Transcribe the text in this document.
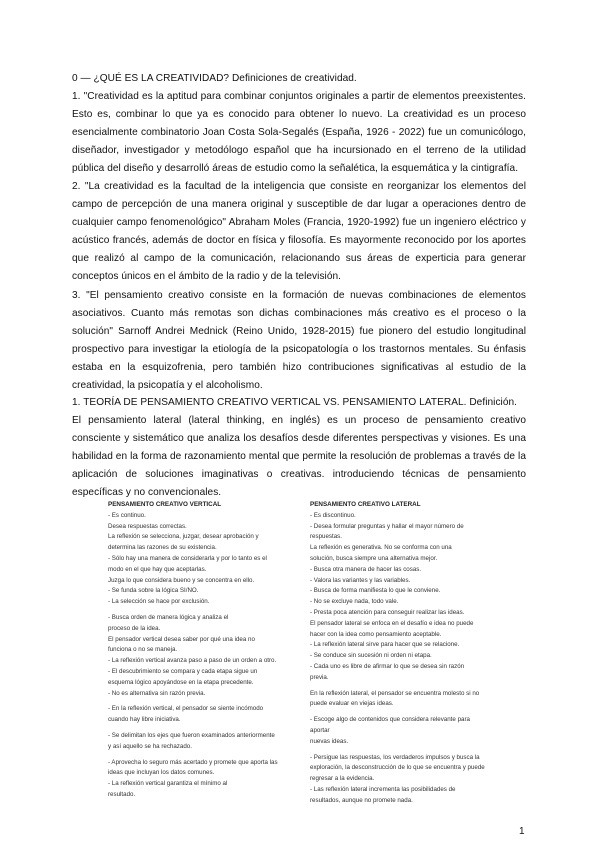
0 — ¿QUÉ ES LA CREATIVIDAD? Definiciones de creatividad.

1. "Creatividad es la aptitud para combinar conjuntos originales a partir de elementos preexistentes. Esto es, combinar lo que ya es conocido para obtener lo nuevo. La creatividad es un proceso esencialmente combinatorio Joan Costa Sola-Segalés (España, 1926 - 2022) fue un comunicólogo, diseñador, investigador y metodólogo español que ha incursionado en el terreno de la utilidad pública del diseño y desarrolló áreas de estudio como la señalética, la esquemática y la cintigrafía.

2. "La creatividad es la facultad de la inteligencia que consiste en reorganizar los elementos del campo de percepción de una manera original y susceptible de dar lugar a operaciones dentro de cualquier campo fenomenológico" Abraham Moles (Francia, 1920-1992) fue un ingeniero eléctrico y acústico francés, además de doctor en física y filosofía. Es mayormente reconocido por los aportes que realizó al campo de la comunicación, relacionando sus áreas de experticia para generar conceptos únicos en el ámbito de la radio y de la televisión.

3. "El pensamiento creativo consiste en la formación de nuevas combinaciones de elementos asociativos. Cuanto más remotas son dichas combinaciones más creativo es el proceso o la solución" Sarnoff Andrei Mednick (Reino Unido, 1928-2015) fue pionero del estudio longitudinal prospectivo para investigar la etiología de la psicopatología o los trastornos mentales. Su énfasis estaba en la esquizofrenia, pero también hizo contribuciones significativas al estudio de la creatividad, la psicopatía y el alcoholismo.

1. TEORÍA DE PENSAMIENTO CREATIVO VERTICAL VS. PENSAMIENTO LATERAL. Definición.

El pensamiento lateral (lateral thinking, en inglés) es un proceso de pensamiento creativo consciente y sistemático que analiza los desafíos desde diferentes perspectivas y visiones. Es una habilidad en la forma de razonamiento mental que permite la resolución de problemas a través de la aplicación de soluciones imaginativas o creativas. introduciendo técnicas de pensamiento específicas y no convencionales.

PENSAMIENTO CREATIVO VERTICAL
- Es continuo.
Desea respuestas correctas.
La reflexión se selecciona, juzgar, desear aprobación y
determina las razones de su existencia.
- Sólo hay una manera de considerarla y por lo tanto es el
modo en el que hay que aceptarlas.
Juzga lo que considera bueno y se concentra en ello.
- Se funda sobre la lógica SI/NO.
- La selección se hace por exclusión.
- Busca orden de manera lógica y analiza el
proceso de la idea.
El pensador vertical desea saber por qué una idea no
funciona o no se maneja.
- La reflexión vertical avanza paso a paso de un orden a otro.
- El descubrimiento se compara y cada etapa sigue un
esquema lógico apoyándose en la etapa precedente.
- No es alternativa sin razón previa.
- En la reflexión vertical, el pensador se siente incómodo
cuando hay libre iniciativa.
- Se delimitan los ejes que fueron examinados anteriormente
y así aquello se ha rechazado.
- Aprovecha lo seguro más acertado y promete que aporta las
ideas que incluyan los datos comunes.
- La reflexión vertical garantiza el mínimo al
resultado.
PENSAMIENTO CREATIVO LATERAL
- Es discontinuo.
- Desea formular preguntas y hallar el mayor número de
respuestas.
La reflexión es generativa. No se conforma con una
solución, busca siempre una alternativa mejor.
- Busca otra manera de hacer las cosas.
- Valora las variantes y las variables.
- Busca de forma manifiesta lo que le conviene.
- No se excluye nada, todo vale.
- Presta poca atención para conseguir realizar las ideas.
El pensador lateral se enfoca en el desafío e idea no puede
hacer con la idea como pensamiento aceptable.
- La reflexión lateral sirve para hacer que se relacione.
- Se conduce sin sucesión ni orden ni etapa.
- Cada uno es libre de afirmar lo que se desea sin razón
previa.
En la reflexión lateral, el pensador se encuentra molesto si no
puede evaluar en viejas ideas.
- Escoge algo de contenidos que considera relevante para
aportar
nuevas ideas.
- Persigue las respuestas, los verdaderos impulsos y busca la
exploración, la desconstrucción de lo que se encuentra y puede
regresar a la evidencia.
- Las reflexión lateral incrementa las posibilidades de
resultados, aunque no promete nada.
1
